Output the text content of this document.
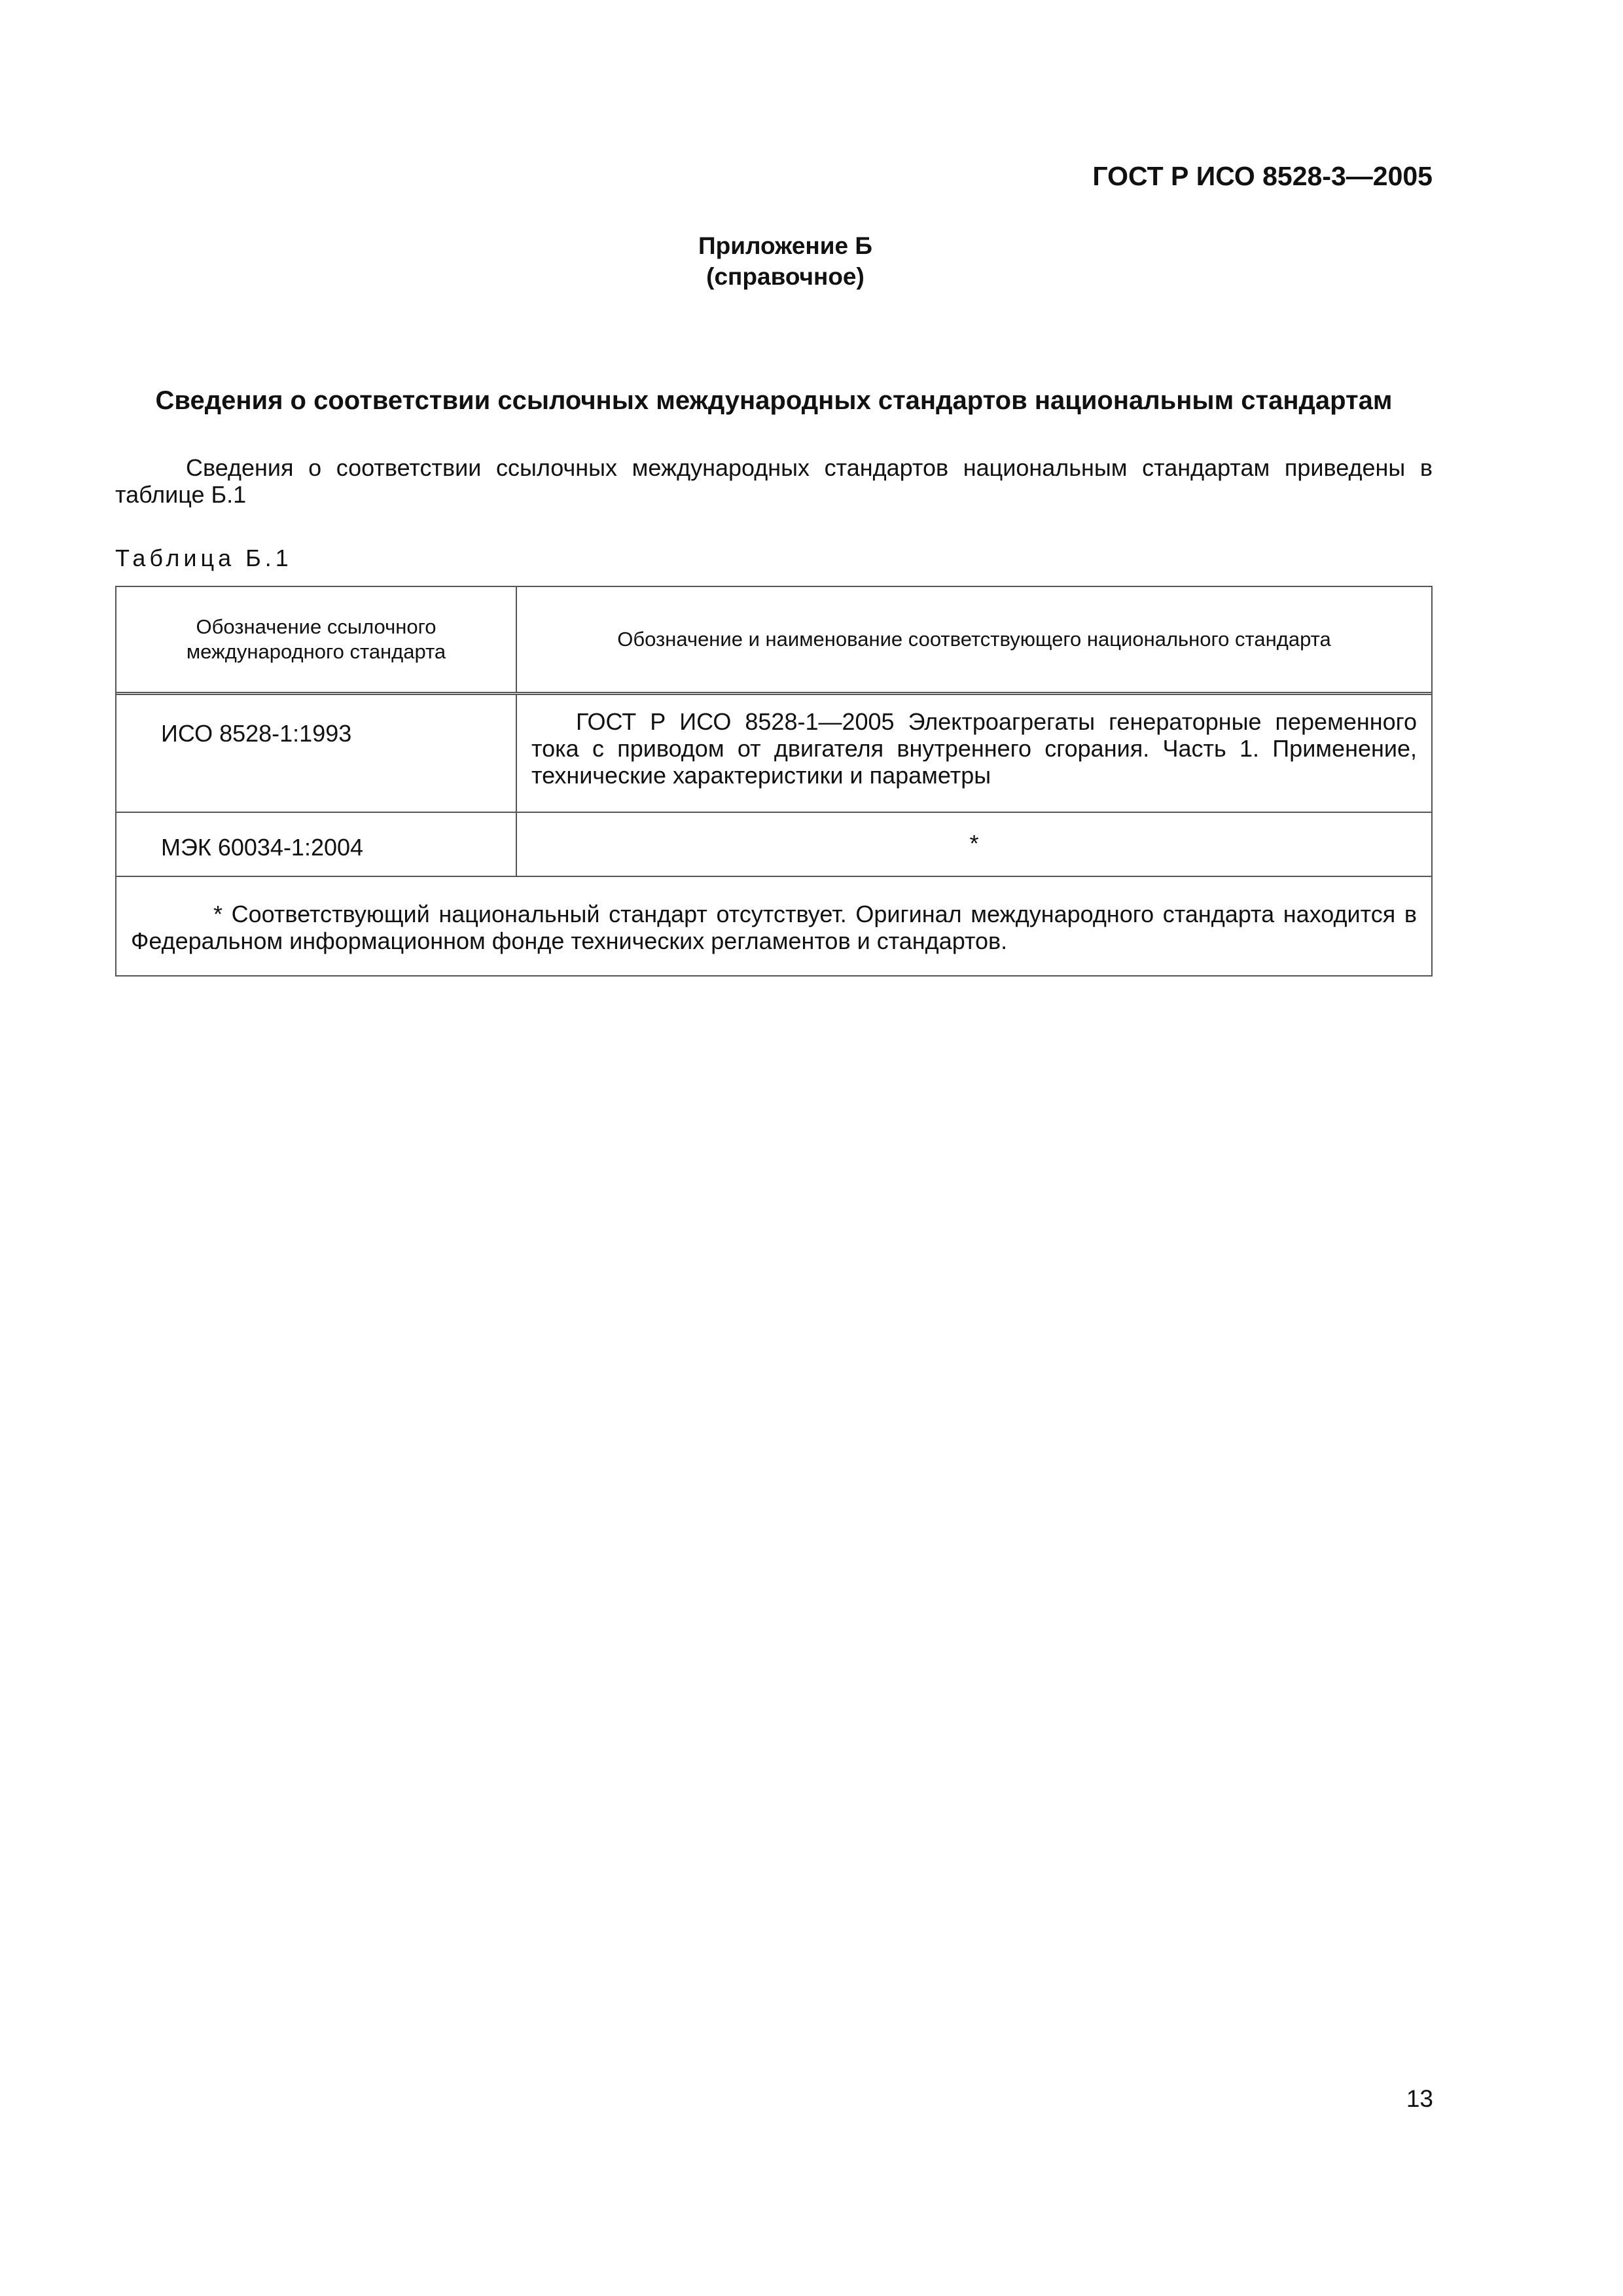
ГОСТ Р ИСО 8528-3—2005
Приложение Б
(справочное)
Сведения о соответствии ссылочных международных стандартов национальным стандартам
Сведения о соответствии ссылочных международных стандартов национальным стандартам приведены в таблице Б.1
Таблица Б.1
Обозначение ссылочного международного стандарта
Обозначение и наименование соответствующего национального стандарта
ИСО 8528-1:1993	ГОСТ Р ИСО 8528-1—2005 Электроагрегаты генераторные переменного тока с приводом от двигателя внутреннего сгорания. Часть 1. Применение, технические характеристики и параметры
МЭК 60034-1:2004	*
* Соответствующий национальный стандарт отсутствует. Оригинал международного стандарта находится в Федеральном информационном фонде технических регламентов и стандартов.
13
